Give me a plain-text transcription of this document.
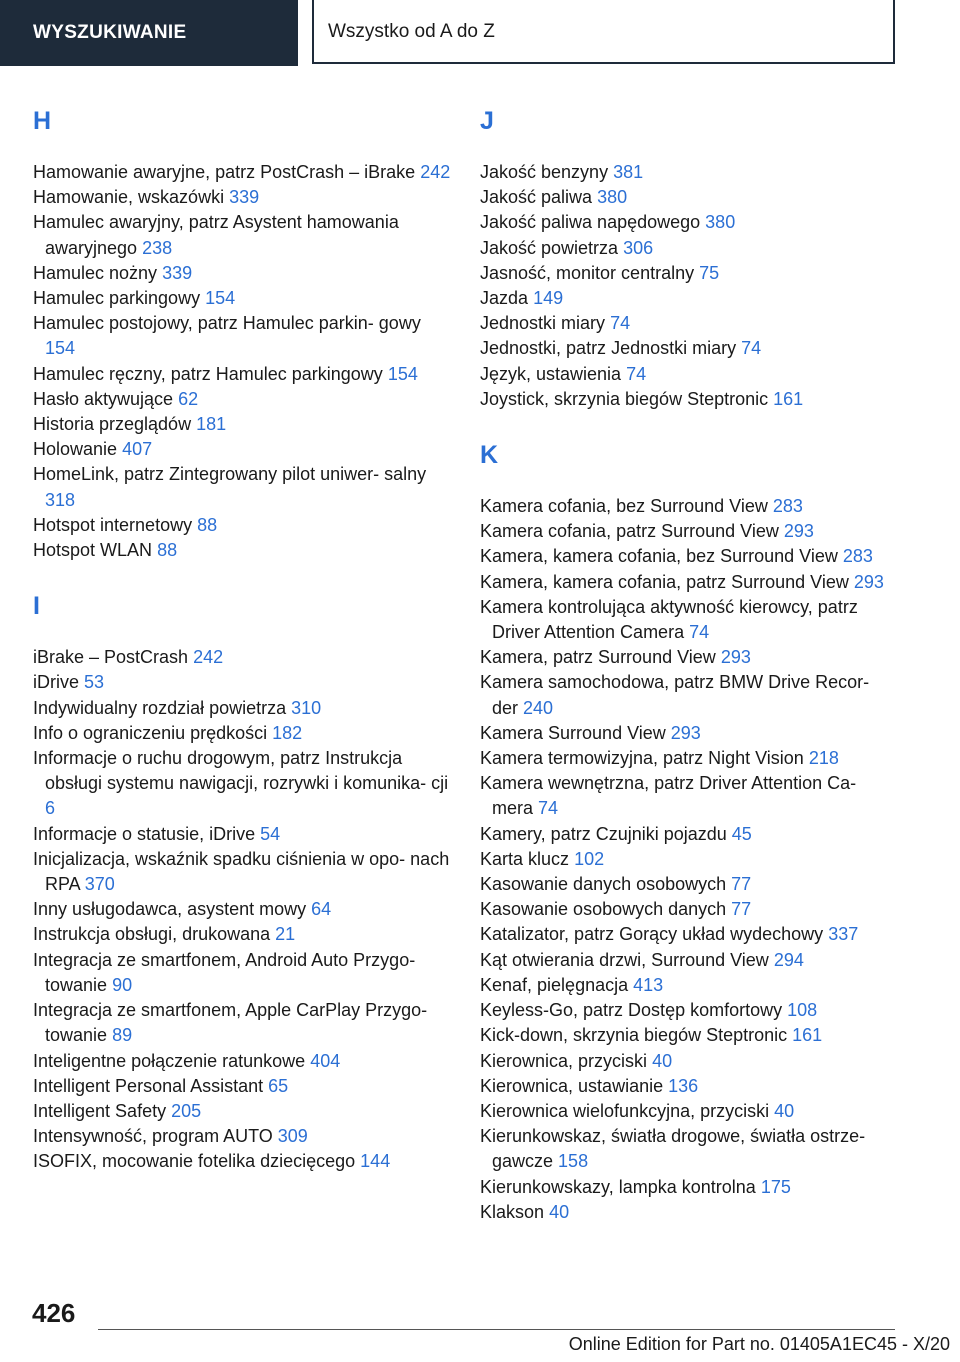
WYSZUKIWANIE	Wszystko od A do Z
H
Hamowanie awaryjne, patrz PostCrash – iBrake 242
Hamowanie, wskazówki 339
Hamulec awaryjny, patrz Asystent hamowania awaryjnego 238
Hamulec nożny 339
Hamulec parkingowy 154
Hamulec postojowy, patrz Hamulec parkin- gowy 154
Hamulec ręczny, patrz Hamulec parkingowy 154
Hasło aktywujące 62
Historia przeglądów 181
Holowanie 407
HomeLink, patrz Zintegrowany pilot uniwer- salny 318
Hotspot internetowy 88
Hotspot WLAN 88
I
iBrake – PostCrash 242
iDrive 53
Indywidualny rozdział powietrza 310
Info o ograniczeniu prędkości 182
Informacje o ruchu drogowym, patrz Instrukcja obsługi systemu nawigacji, rozrywki i komunika- cji 6
Informacje o statusie, iDrive 54
Inicjalizacja, wskaźnik spadku ciśnienia w opo- nach RPA 370
Inny usługodawca, asystent mowy 64
Instrukcja obsługi, drukowana 21
Integracja ze smartfonem, Android Auto Przygo- towanie 90
Integracja ze smartfonem, Apple CarPlay Przygo- towanie 89
Inteligentne połączenie ratunkowe 404
Intelligent Personal Assistant 65
Intelligent Safety 205
Intensywność, program AUTO 309
ISOFIX, mocowanie fotelika dziecięcego 144
J
Jakość benzyny 381
Jakość paliwa 380
Jakość paliwa napędowego 380
Jakość powietrza 306
Jasność, monitor centralny 75
Jazda 149
Jednostki miary 74
Jednostki, patrz Jednostki miary 74
Język, ustawienia 74
Joystick, skrzynia biegów Steptronic 161
K
Kamera cofania, bez Surround View 283
Kamera cofania, patrz Surround View 293
Kamera, kamera cofania, bez Surround View 283
Kamera, kamera cofania, patrz Surround View 293
Kamera kontrolująca aktywność kierowcy, patrz Driver Attention Camera 74
Kamera, patrz Surround View 293
Kamera samochodowa, patrz BMW Drive Recor- der 240
Kamera Surround View 293
Kamera termowizyjna, patrz Night Vision 218
Kamera wewnętrzna, patrz Driver Attention Ca- mera 74
Kamery, patrz Czujniki pojazdu 45
Karta klucz 102
Kasowanie danych osobowych 77
Kasowanie osobowych danych 77
Katalizator, patrz Gorący układ wydechowy 337
Kąt otwierania drzwi, Surround View 294
Kenaf, pielęgnacja 413
Keyless-Go, patrz Dostęp komfortowy 108
Kick-down, skrzynia biegów Steptronic 161
Kierownica, przyciski 40
Kierownica, ustawianie 136
Kierownica wielofunkcyjna, przyciski 40
Kierunkowskaz, światła drogowe, światła ostrze- gawcze 158
Kierunkowskazy, lampka kontrolna 175
Klakson 40
426
Online Edition for Part no. 01405A1EC45 - X/20
